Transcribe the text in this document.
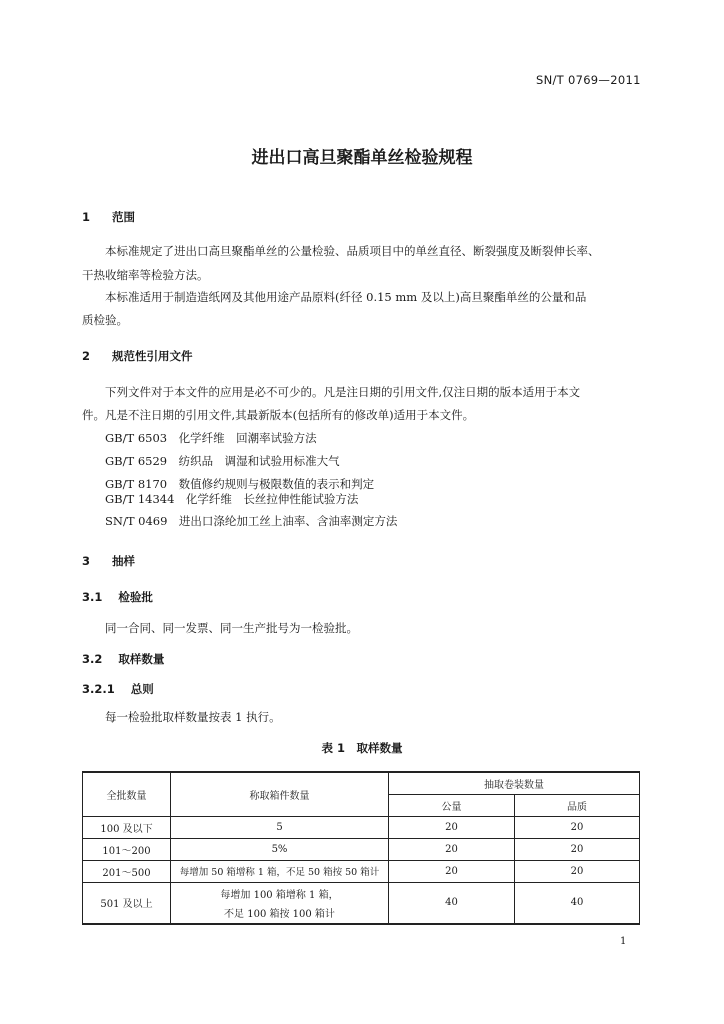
SN/T 0769—2011
进出口高旦聚酯单丝检验规程
1 范围
本标准规定了进出口高旦聚酯单丝的公量检验、品质项目中的单丝直径、断裂强度及断裂伸长率、
干热收缩率等检验方法。
本标准适用于制造造纸网及其他用途产品原料(纤径 0.15 mm 及以上)高旦聚酯单丝的公量和品
质检验。
2 规范性引用文件
下列文件对于本文件的应用是必不可少的。凡是注日期的引用文件,仅注日期的版本适用于本文
件。凡是不注日期的引用文件,其最新版本(包括所有的修改单)适用于本文件。
GB/T 6503　化学纤维　回潮率试验方法
GB/T 6529　纺织品　调湿和试验用标准大气
GB/T 8170　数值修约规则与极限数值的表示和判定
GB/T 14344　化学纤维　长丝拉伸性能试验方法
SN/T 0469　进出口涤纶加工丝上油率、含油率测定方法
3 抽样
3.1 检验批
同一合同、同一发票、同一生产批号为一检验批。
3.2 取样数量
3.2.1 总则
每一检验批取样数量按表 1 执行。
表 1　取样数量
全批数量	称取箱件数量	抽取卷装数量	
		公量	品质
100 及以下	5	20	20
101～200	5%	20	20
201～500	每增加 50 箱增称 1 箱，不足 50 箱按 50 箱计	20	20
501 及以上	每增加 100 箱增称 1 箱，
不足 100 箱按 100 箱计	40	40
1
